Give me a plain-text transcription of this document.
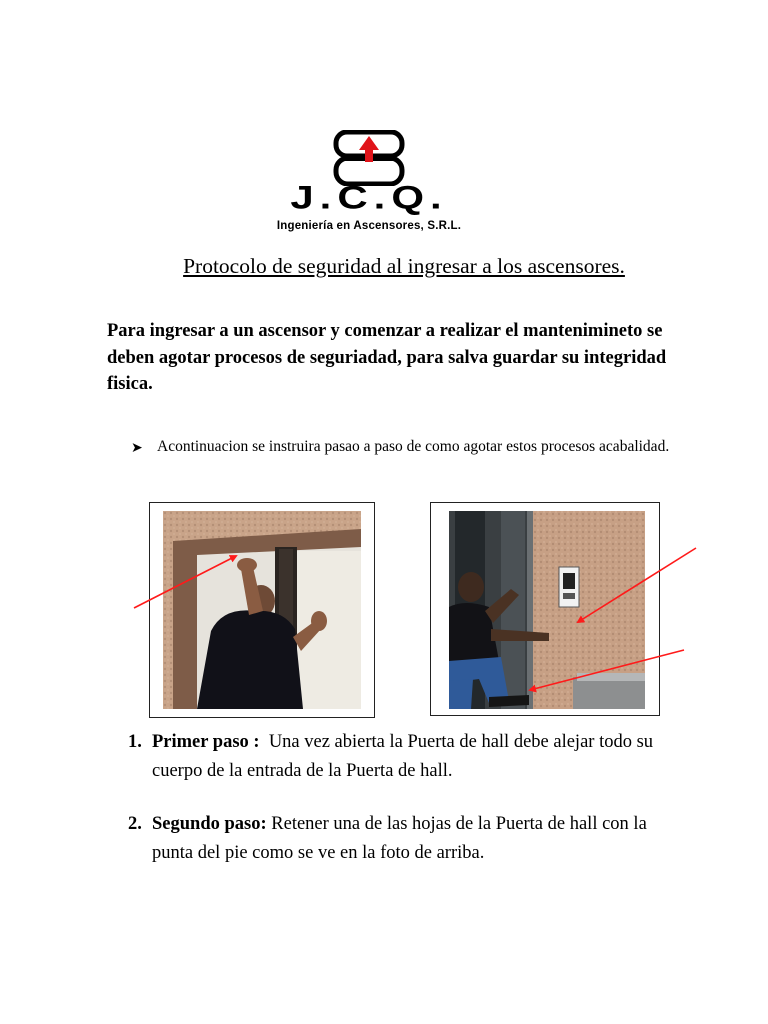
J.C.Q.
Ingeniería en Ascensores, S.R.L.
Protocolo de seguridad al ingresar a los ascensores.
Para ingresar a un ascensor y comenzar a realizar el mantenimineto se deben agotar procesos de seguriadad, para salva guardar su integridad fisica.
➤ Acontinuacion se instruira pasao a paso de como agotar estos procesos acabalidad.
1. Primer paso : Una vez abierta la Puerta de hall debe alejar todo su cuerpo de la entrada de la Puerta de hall.
2. Segundo paso: Retener una de las hojas de la Puerta de hall con la punta del pie como se ve en la foto de arriba.
